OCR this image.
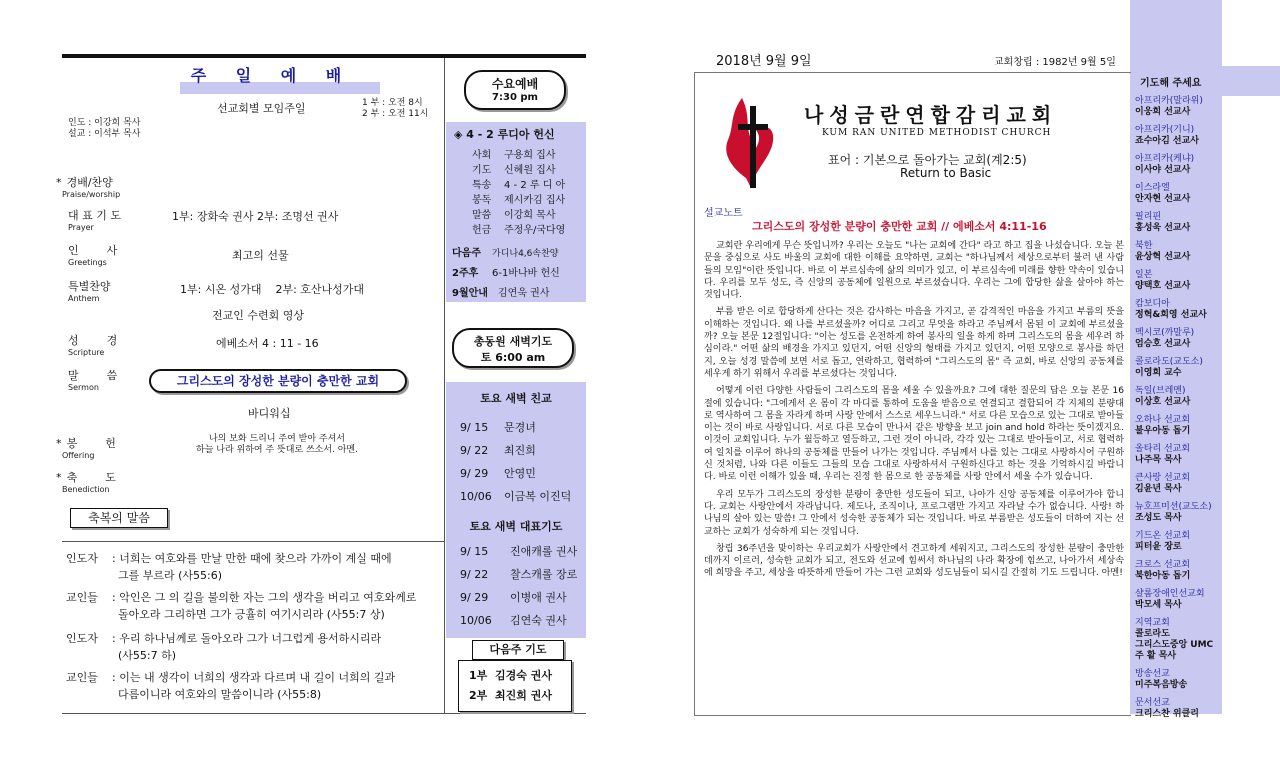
주 일 예 배
선교회별 모임주일	1 부 : 오전 8시
2 부 : 오전 11시
인도 : 이강희 목사
설교 : 이석부 목사
* 경배/찬양
Praise/worship
대 표 기 도
Prayer
1부: 장화숙 권사 2부: 조명선 권사
인        사
Greetings
최고의 선물
특별찬양
Anthem
1부: 시온 성가대    2부: 호산나성가대
전교인 수련회 영상
성        경
Scripture
에베소서 4 : 11 - 16
말        씀
Sermon	그리스도의 장성한 분량이 충만한 교회
바디워십
* 봉        헌
Offering
나의 보화 드리니 주여 받아 주셔서
하늘 나라 위하여 주 뜻대로 쓰소서. 아멘.
* 축        도
Benediction
축복의 말씀
인도자 : 너희는 여호와를 만날 만한 때에 찾으라 가까이 계실 때에
그를 부르라 (사55:6)
교인들 : 악인은 그 의 길을 불의한 자는 그의 생각을 버리고 여호와께로
돌아오라 그리하면 그가 긍휼히 여기시리라 (사55:7 상)
인도자 : 우리 하나님께로 돌아오라 그가 너그럽게 용서하시리라
(사55:7 하)
교인들 : 이는 내 생각이 너희의 생각과 다르며 내 길이 너희의 길과
다름이니라 여호와의 말씀이니라 (사55:8)
수요예배
7:30 pm
◈ 4 - 2 루디아 헌신
사회 구용희 집사
기도 신혜원 집사
특송 4 - 2 루 디 아
봉독 제시카김 집사
말씀 이강희 목사
헌금 주정우/국다영
다음주 가디나4,6속찬양
2주후 6-1바나바 헌신
9월안내 김연욱 권사
총동원 새벽기도
토 6:00 am
토요 새벽 친교
9/ 15 문경녀
9/ 22 최진희
9/ 29 안영민
10/06 이금복 이진덕
토요 새벽 대표기도
9/ 15 진애캐롤 권사
9/ 22 찰스캐롤 장로
9/ 29 이병애 권사
10/06 김연숙 권사
다음주 기도
1부 김경숙 권사
2부 최진희 권사
2018년 9월 9일	교회창립 : 1982년 9월 5일
나성금란연합감리교회
KUM RAN UNITED METHODIST CHURCH
표어 : 기본으로 돌아가는 교회(계2:5)
Return to Basic
설교노트
그리스도의 장성한 분량이 충만한 교회 // 에베소서 4:11-16

교회란 우리에게 무슨 뜻입니까? 우리는 오늘도 "나는 교회에 간다" 라고 하고 집을 나섰습니다. 오늘 본문을 중심으로 사도 바울의 교회에 대한 이해를 요약하면, 교회는 "하나님께서 세상으로부터 불러 낸 사람들의 모임"이란 뜻입니다. 바로 이 부르심속에 삶의 의미가 있고, 이 부르심속에 미래를 향한 약속이 있습니다. 우리를 모두 성도, 즉 신앙의 공동체에 일원으로 부르셨습니다. 우리는 그에 합당한 삶을 살아야 하는 것입니다.

부름 받은 이로 합당하게 산다는 것은 감사하는 마음을 가지고, 곧 감격적인 마음을 가지고 부름의 뜻을 이해하는 것입니다. 왜 나를 부르셨을까? 어디로 그리고 무엇을 하라고 주님께서 몸된 이 교회에 부르셨을까? 오늘 본문 12절입니다: "이는 성도를 온전하게 하여 봉사의 일을 하게 하며 그리스도의 몸을 세우려 하심이라." 어떤 삶의 배경을 가지고 있던지, 어떤 신앙의 형태를 가지고 있던지, 어떤 모양으로 봉사를 하던지, 오늘 성경 말씀에 보면 서로 돕고, 연락하고, 협력하여 "그리스도의 몸" 즉 교회, 바로 신앙의 공동체를 세우게 하기 위해서 우리를 부르셨다는 것입니다.

어떻게 이런 다양한 사람들이 그리스도의 몸을 세울 수 있을까요? 그에 대한 질문의 답은 오늘 본문 16절에 있습니다: "그에게서 온 몸이 각 마디를 통하여 도움을 받음으로 연결되고 결합되어 각 지체의 분량대로 역사하여 그 몸을 자라게 하며 사랑 안에서 스스로 세우느니라." 서로 다른 모습으로 있는 그대로 받아들이는 것이 바로 사랑입니다. 서로 다른 모습이 만나서 같은 방향을 보고 join and hold 하라는 뜻이겠지요. 이것이 교회입니다. 누가 월등하고 열등하고, 그런 것이 아니라, 각각 있는 그대로 받아들이고, 서로 협력하여 일치를 이루어 하나의 공동체를 만들어 나가는 것입니다. 주님께서 나를 있는 그대로 사랑하시어 구원하신 것처럼, 나와 다른 이들도 그들의 모습 그대로 사랑하셔서 구원하신다고 하는 것을 기억하시길 바랍니다. 바로 이런 이해가 있을 때, 우리는 진정 한 몸으로 한 공동체를 사랑 안에서 세울 수가 있습니다.

우리 모두가 그리스도의 장성한 분량이 충만한 성도들이 되고, 나아가 신앙 공동체를 이루어가야 합니다. 교회는 사랑안에서 자라납니다. 제도나, 조직이나, 프로그램만 가지고 자라날 수가 없습니다. 사랑! 하나님의 살아 있는 말씀! 그 안에서 성숙한 공동체가 되는 것입니다. 바로 부름받은 성도들이 더하여 지는 선교하는 교회가 성숙하게 되는 것입니다.

창립 36주년을 맞이하는 우리교회가 사랑안에서 견고하게 세워지고, 그리스도의 장성한 분량이 충만한 데까지 이르러, 성숙한 교회가 되고, 전도와 선교에 힘써서 하나님의 나라 확장에 힘쓰고, 나아가서 세상속에 희망을 주고, 세상을 따뜻하게 만들어 가는 그런 교회와 성도님들이 되시길 간절히 기도 드립니다. 아멘!

기도해 주세요
아프리카(말라위)
이웅희 선교사
아프리카(기니)
죠수아김 선교사
아프리카(케냐)
이사야 선교사
이스라엘
안자현 선교사
필리핀
홍성욱 선교사
북한
윤상혁 선교사
일본
양택호 선교사
캄보디아
정혁&희영 선교사
멕시코(까말루)
엄승호 선교사
콜로라도(교도소)
이영희 교수
독일(브레멘)
이상호 선교사
오하나 선교회
불우아동 돕기
올타리 선교회
나주목 목사
큰사랑 선교회
김윤년 목사
뉴호프미션(교도소)
조성도 목사
기드온 선교회
피터윤 장로
크로스 선교회
북한아동 돕기
샬롬장애인선교회
박모세 목사
지역교회
콜로라도
그리스도중앙 UMC
주 활 목사
방송선교
미주복음방송
문서선교
크리스찬 위클리
